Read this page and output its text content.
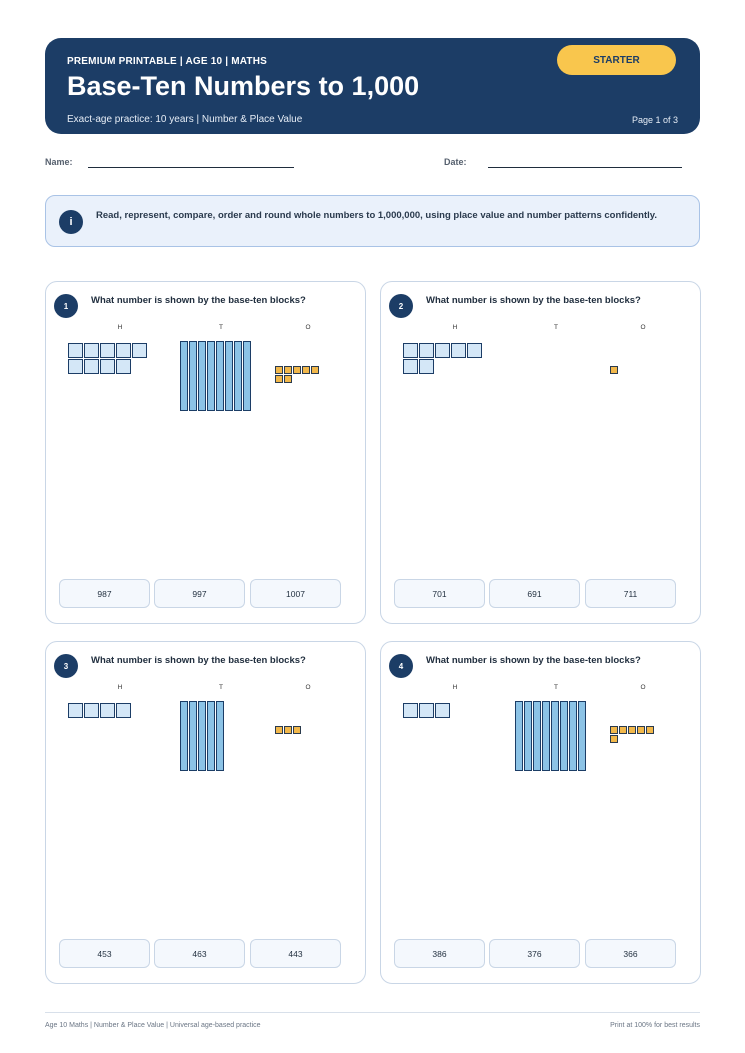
PREMIUM PRINTABLE | AGE 10 | MATHS
Base-Ten Numbers to 1,000
Exact-age practice: 10 years | Number & Place Value	Page 1 of 3
STARTER
Name:	Date:
i
Read, represent, compare, order and round whole numbers to 1,000,000, using place value and number patterns confidently.
1	What number is shown by the base-ten blocks?
H	T	O
987	997	1007
2	What number is shown by the base-ten blocks?
H	T	O
701	691	711
3	What number is shown by the base-ten blocks?
H	T	O
453	463	443
4	What number is shown by the base-ten blocks?
H	T	O
386	376	366
Age 10 Maths | Number & Place Value | Universal age-based practice	Print at 100% for best results
